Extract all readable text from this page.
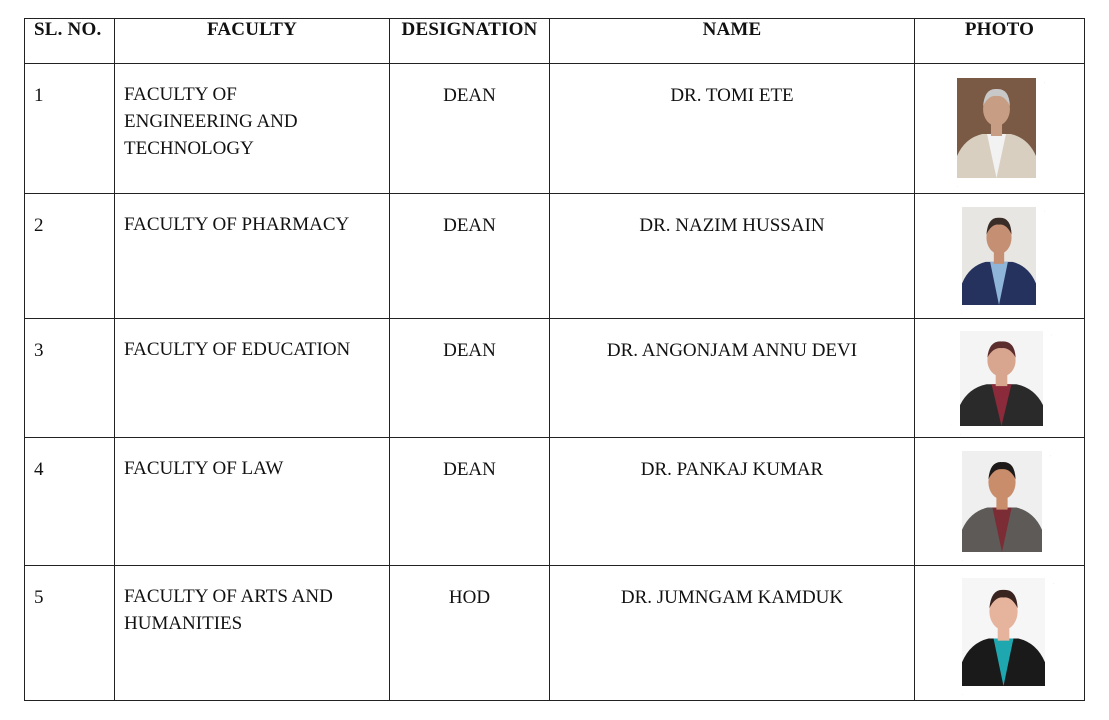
SL. NO.	FACULTY	DESIGNATION	NAME	PHOTO
1	FACULTY OF
ENGINEERING AND
TECHNOLOGY	DEAN	DR. TOMI ETE	

2	FACULTY OF PHARMACY	DEAN	DR. NAZIM HUSSAIN	

3	FACULTY OF EDUCATION	DEAN	DR. ANGONJAM ANNU DEVI	

4	FACULTY OF LAW	DEAN	DR. PANKAJ KUMAR	

5	FACULTY OF ARTS AND
HUMANITIES	HOD	DR. JUMNGAM KAMDUK	
